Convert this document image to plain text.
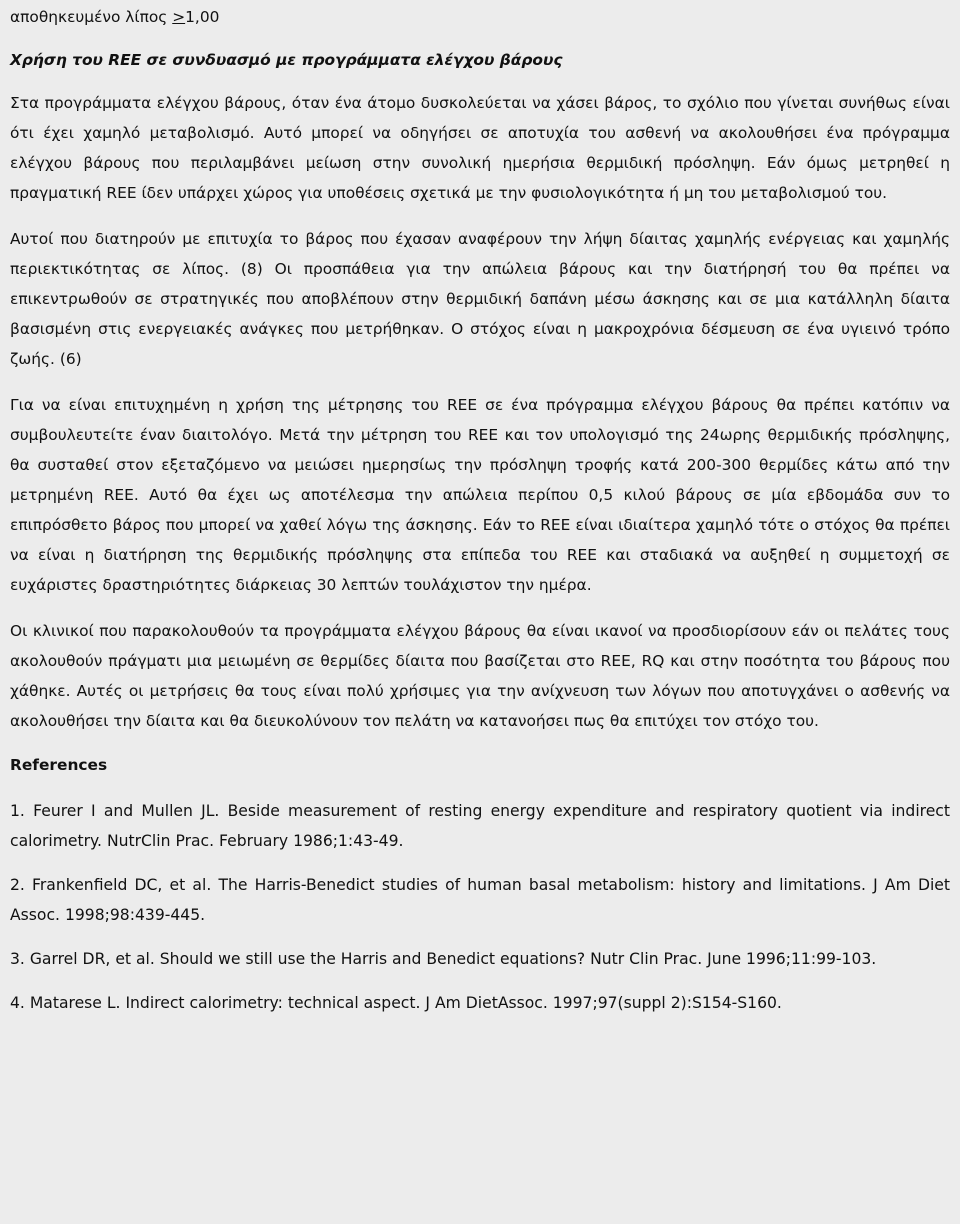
αποθηκευμένο λίπος ≥1,00

Χρήση του REE σε συνδυασμό με προγράμματα ελέγχου βάρους

Στα προγράμματα ελέγχου βάρους, όταν ένα άτομο δυσκολεύεται να χάσει βάρος, το σχόλιο που γίνεται συνήθως είναι ότι έχει χαμηλό μεταβολισμό. Αυτό μπορεί να οδηγήσει σε αποτυχία του ασθενή να ακολουθήσει ένα πρόγραμμα ελέγχου βάρους που περιλαμβάνει μείωση στην συνολική ημερήσια θερμιδική πρόσληψη. Εάν όμως μετρηθεί η πραγματική REE ίδεν υπάρχει χώρος για υποθέσεις σχετικά με την φυσιολογικότητα ή μη του μεταβολισμού του.

Αυτοί που διατηρούν με επιτυχία το βάρος που έχασαν αναφέρουν την λήψη δίαιτας χαμηλής ενέργειας και χαμηλής περιεκτικότητας σε λίπος. (8) Οι προσπάθεια για την απώλεια βάρους και την διατήρησή του θα πρέπει να επικεντρωθούν σε στρατηγικές που αποβλέπουν στην θερμιδική δαπάνη μέσω άσκησης και σε μια κατάλληλη δίαιτα βασισμένη στις ενεργειακές ανάγκες που μετρήθηκαν. Ο στόχος είναι η μακροχρόνια δέσμευση σε ένα υγιεινό τρόπο ζωής. (6)

Για να είναι επιτυχημένη η χρήση της μέτρησης του REE σε ένα πρόγραμμα ελέγχου βάρους θα πρέπει κατόπιν να συμβουλευτείτε έναν διαιτολόγο. Μετά την μέτρηση του REE και τον υπολογισμό της 24ωρης θερμιδικής πρόσληψης, θα συσταθεί στον εξεταζόμενο να μειώσει ημερησίως την πρόσληψη τροφής κατά 200-300 θερμίδες κάτω από την μετρημένη REE. Αυτό θα έχει ως αποτέλεσμα την απώλεια περίπου 0,5 κιλού βάρους σε μία εβδομάδα συν το επιπρόσθετο βάρος που μπορεί να χαθεί λόγω της άσκησης. Εάν το REE είναι ιδιαίτερα χαμηλό τότε ο στόχος θα πρέπει να είναι η διατήρηση της θερμιδικής πρόσληψης στα επίπεδα του REE και σταδιακά να αυξηθεί η συμμετοχή σε ευχάριστες δραστηριότητες διάρκειας 30 λεπτών τουλάχιστον την ημέρα.

Οι κλινικοί που παρακολουθούν τα προγράμματα ελέγχου βάρους θα είναι ικανοί να προσδιορίσουν εάν οι πελάτες τους ακολουθούν πράγματι μια μειωμένη σε θερμίδες δίαιτα που βασίζεται στο REE, RQ και στην ποσότητα του βάρους που χάθηκε. Αυτές οι μετρήσεις θα τους είναι πολύ χρήσιμες για την ανίχνευση των λόγων που αποτυγχάνει ο ασθενής να ακολουθήσει την δίαιτα και θα διευκολύνουν τον πελάτη να κατανοήσει πως θα επιτύχει τον στόχο του.

References

1. Feurer I and Mullen JL. Beside measurement of resting energy expenditure and respiratory quotient via indirect calorimetry. NutrClin Prac. February 1986;1:43-49.

2. Frankenfield DC, et al. The Harris-Benedict studies of human basal metabolism: history and limitations. J Am Diet Assoc. 1998;98:439-445.

3. Garrel DR, et al. Should we still use the Harris and Benedict equations? Nutr Clin Prac. June 1996;11:99-103.

4. Matarese L. Indirect calorimetry: technical aspect. J Am DietAssoc. 1997;97(suppl 2):S154-S160.
